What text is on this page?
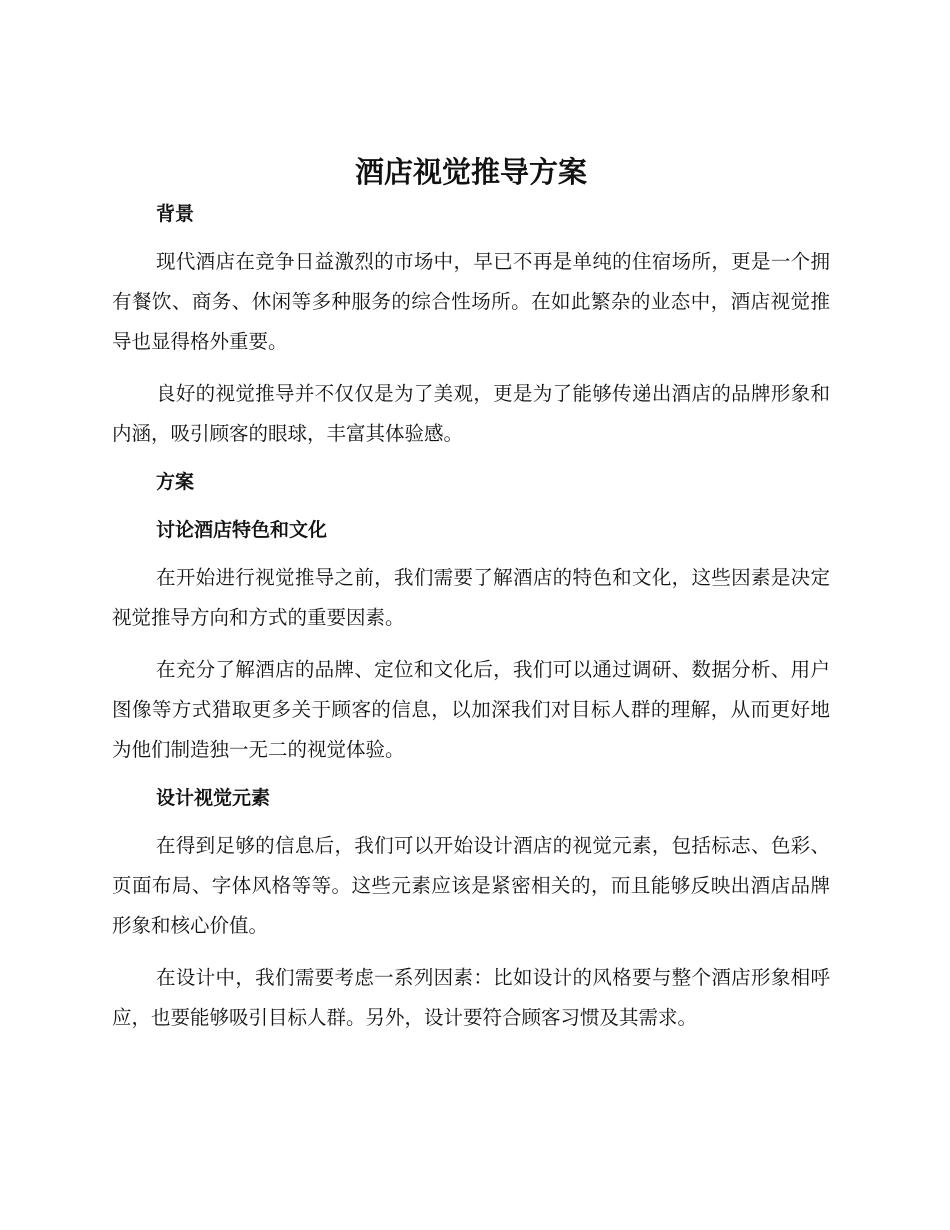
酒店视觉推导方案
背景

现代酒店在竞争日益激烈的市场中，早已不再是单纯的住宿场所，更是一个拥有餐饮、商务、休闲等多种服务的综合性场所。在如此繁杂的业态中，酒店视觉推导也显得格外重要。

良好的视觉推导并不仅仅是为了美观，更是为了能够传递出酒店的品牌形象和内涵，吸引顾客的眼球，丰富其体验感。

方案
讨论酒店特色和文化

在开始进行视觉推导之前，我们需要了解酒店的特色和文化，这些因素是决定视觉推导方向和方式的重要因素。

在充分了解酒店的品牌、定位和文化后，我们可以通过调研、数据分析、用户图像等方式猎取更多关于顾客的信息，以加深我们对目标人群的理解，从而更好地为他们制造独一无二的视觉体验。

设计视觉元素

在得到足够的信息后，我们可以开始设计酒店的视觉元素，包括标志、色彩、页面布局、字体风格等等。这些元素应该是紧密相关的，而且能够反映出酒店品牌形象和核心价值。

在设计中，我们需要考虑一系列因素：比如设计的风格要与整个酒店形象相呼应，也要能够吸引目标人群。另外，设计要符合顾客习惯及其需求。
